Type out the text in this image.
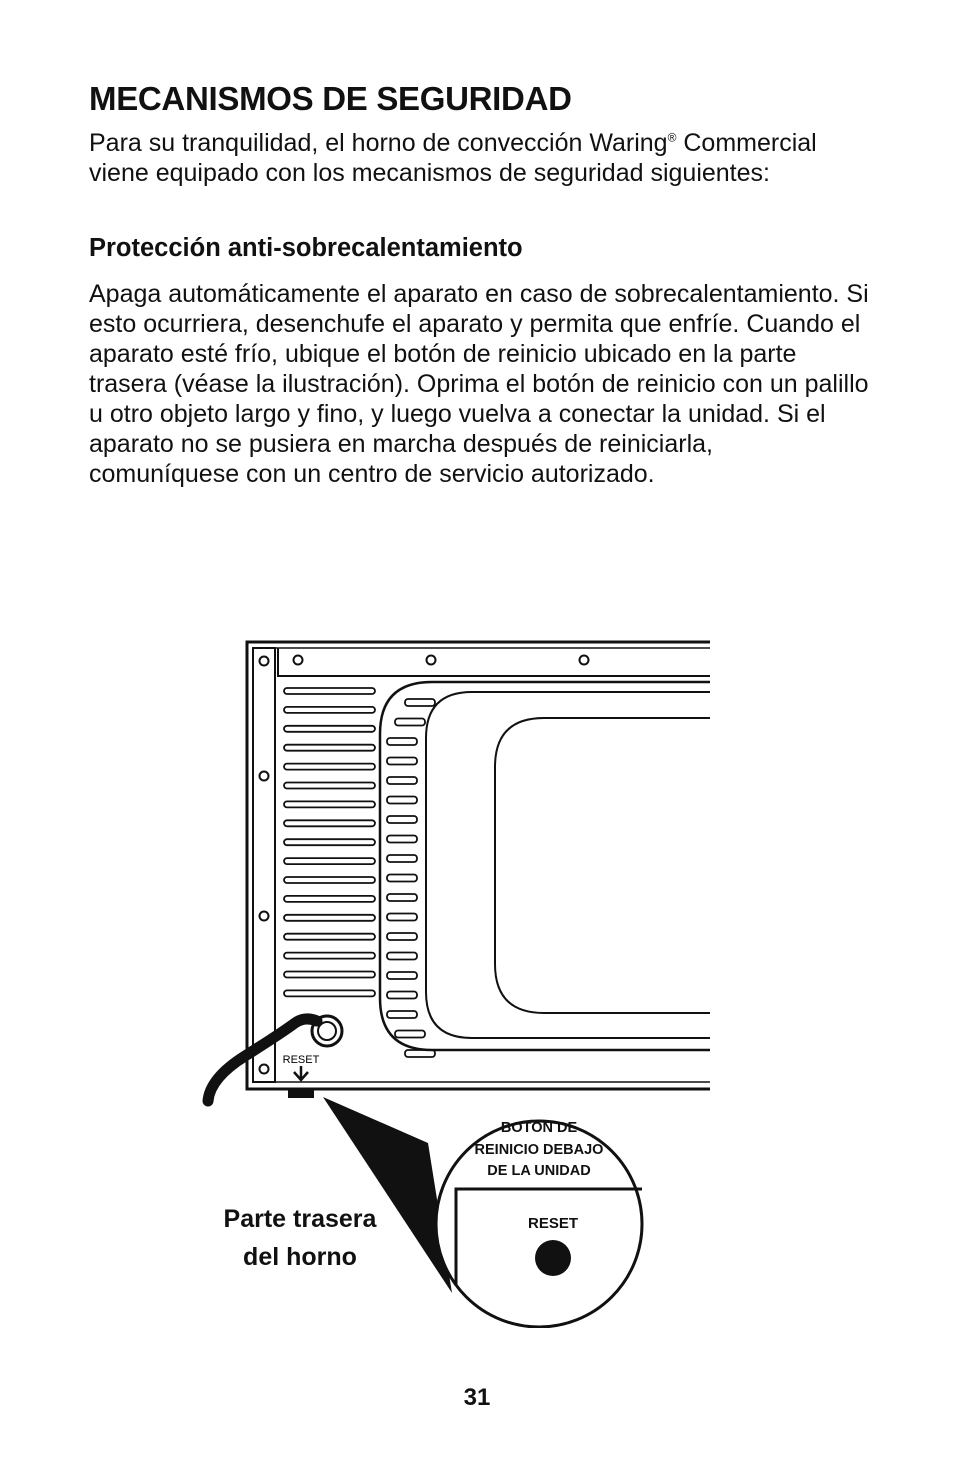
MECANISMOS DE SEGURIDAD

Para su tranquilidad, el horno de convección Waring® Commercial viene equipado con los mecanismos de seguridad siguientes:

Protección anti-sobrecalentamiento

Apaga automáticamente el aparato en caso de sobrecalentamiento. Si esto ocurriera, desenchufe el aparato y permita que enfríe. Cuando el aparato esté frío, ubique el botón de reinicio ubicado en la parte trasera (véase la ilustración). Oprima el botón de reinicio con un palillo u otro objeto largo y fino, y luego vuelva a conectar la unidad. Si el aparato no se pusiera en marcha después de reiniciarla, comuníquese con un centro de servicio autorizado.

RESET
BOTON DE
REINICIO DEBAJO
DE LA UNIDAD
RESET
Parte trasera
del horno
31
